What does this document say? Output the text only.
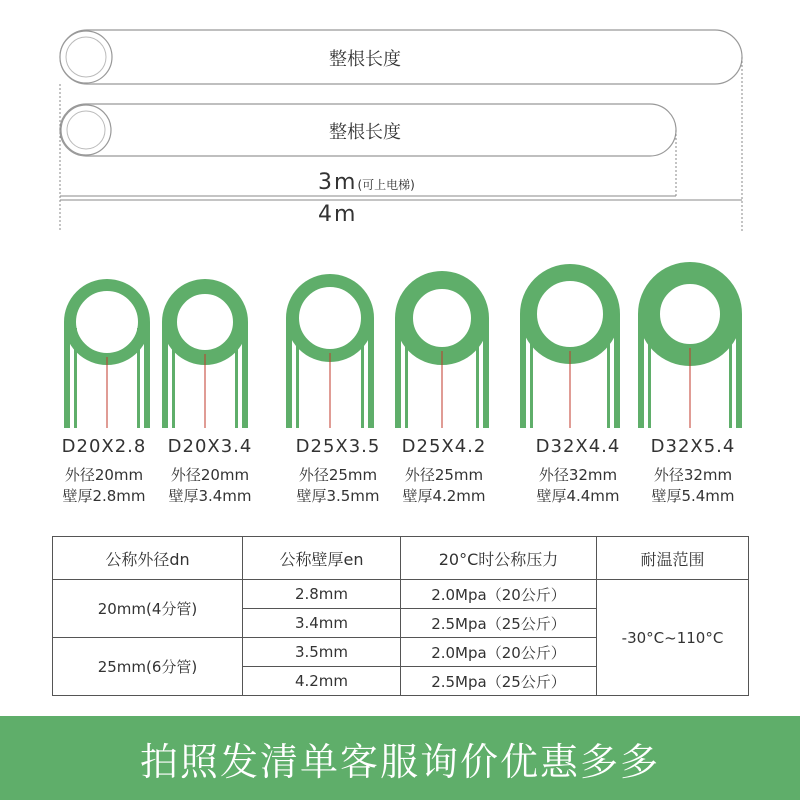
整根长度
整根长度
3m(可上电梯)
4m
D20X2.8
外径20mm
壁厚2.8mm
D20X3.4
外径20mm
壁厚3.4mm
D25X3.5
外径25mm
壁厚3.5mm
D25X4.2
外径25mm
壁厚4.2mm
D32X4.4
外径32mm
壁厚4.4mm
D32X5.4
外径32mm
壁厚5.4mm
公称外径dn	公称壁厚en	20°C时公称压力	耐温范围
20mm(4分管)	2.8mm	2.0Mpa（20公斤）	-30°C~110°C
	3.4mm	2.5Mpa（25公斤）	
25mm(6分管)	3.5mm	2.0Mpa（20公斤）	
	4.2mm	2.5Mpa（25公斤）	
拍照发清单客服询价优惠多多
